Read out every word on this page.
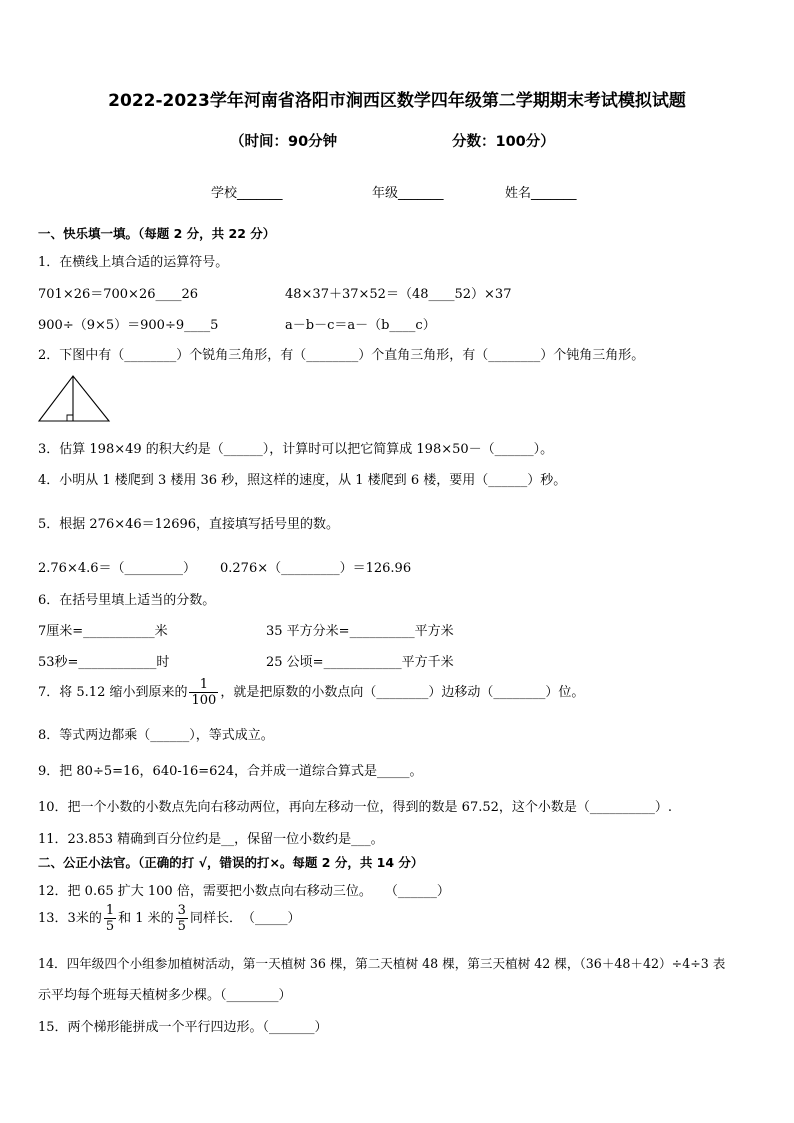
2022-2023学年河南省洛阳市涧西区数学四年级第二学期期末考试模拟试题
（时间：90分钟	分数：100分）
学校_______	年级_______	姓名_______
一、快乐填一填。（每题 2 分，共 22 分）
1．在横线上填合适的运算符号。
701×26＝700×26____26	48×37＋37×52＝（48____52）×37
900÷（9×5）＝900÷9____5	a－b－c＝a－（b____c）
2．下图中有（________）个锐角三角形，有（________）个直角三角形，有（________）个钝角三角形。
3．估算 198×49 的积大约是（______），计算时可以把它简算成 198×50－（______）。
4．小明从 1 楼爬到 3 楼用 36 秒，照这样的速度，从 1 楼爬到 6 楼，要用（______）秒。
5．根据 276×46＝12696，直接填写括号里的数。
2.76×4.6＝（_________） 0.276×（_________）＝126.96
6．在括号里填上适当的分数。
7厘米=___________米	35 平方分米=__________平方米
53秒=____________时	25 公顷=____________平方千米
7．将 5.12 缩小到原来的 $\frac{1}{100}$ ，就是把原数的小数点向（________）边移动（________）位。
8．等式两边都乘（______），等式成立。
9．把 80÷5=16，640-16=624，合并成一道综合算式是_____。
10．把一个小数的小数点先向右移动两位，再向左移动一位，得到的数是 67.52，这个小数是（__________）.
11．23.853 精确到百分位约是__，保留一位小数约是___。
二、公正小法官。（正确的打 √，错误的打×。每题 2 分，共 14 分）
12．把 0.65 扩大 100 倍，需要把小数点向右移动三位。　　（______）
13．3米的 $\frac{1}{5}$ 和 1 米的 $\frac{3}{5}$ 同样长．　（_____）
14．四年级四个小组参加植树活动，第一天植树 36 棵，第二天植树 48 棵，第三天植树 42 棵，（36＋48＋42）÷4÷3 表
示平均每个班每天植树多少棵。（________）
15．两个梯形能拼成一个平行四边形。（_______）
